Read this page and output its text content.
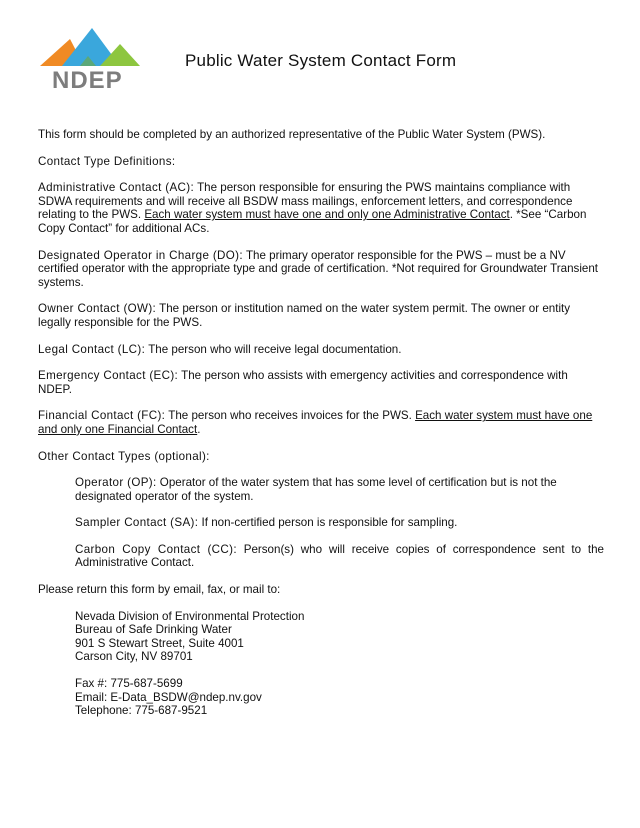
NDEP
Public Water System Contact Form

This form should be completed by an authorized representative of the Public Water System (PWS).

Contact Type Definitions:

Administrative Contact (AC): The person responsible for ensuring the PWS maintains compliance with SDWA requirements and will receive all BSDW mass mailings, enforcement letters, and correspondence relating to the PWS. Each water system must have one and only one Administrative Contact. *See “Carbon Copy Contact” for additional ACs.

Designated Operator in Charge (DO): The primary operator responsible for the PWS – must be a NV certified operator with the appropriate type and grade of certification. *Not required for Groundwater Transient systems.

Owner Contact (OW): The person or institution named on the water system permit. The owner or entity legally responsible for the PWS.

Legal Contact (LC): The person who will receive legal documentation.

Emergency Contact (EC): The person who assists with emergency activities and correspondence with NDEP.

Financial Contact (FC): The person who receives invoices for the PWS. Each water system must have one and only one Financial Contact.

Other Contact Types (optional):

Operator (OP): Operator of the water system that has some level of certification but is not the designated operator of the system.

Sampler Contact (SA): If non-certified person is responsible for sampling.

Carbon Copy Contact (CC): Person(s) who will receive copies of correspondence sent to the Administrative Contact.

Please return this form by email, fax, or mail to:

Nevada Division of Environmental Protection

Bureau of Safe Drinking Water

901 S Stewart Street, Suite 4001

Carson City, NV 89701

Fax #: 775-687-5699

Email: E-Data_BSDW@ndep.nv.gov

Telephone: 775-687-9521
